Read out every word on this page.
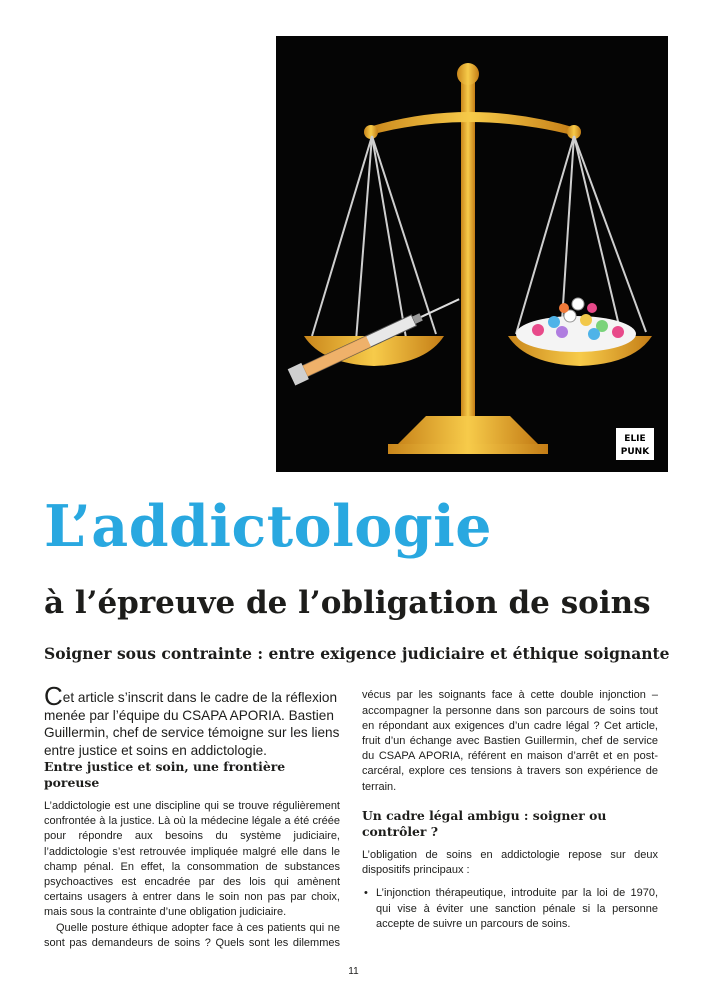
ELIE
PUNK
L’addictologie
à l’épreuve de l’obligation de soins
Soigner sous contrainte : entre exigence judiciaire et éthique soignante

Cet article s’inscrit dans le cadre de la réflexion menée par l’équipe du CSAPA APORIA. Bastien Guillermin, chef de service témoigne sur les liens entre justice et soins en addictologie.

Entre justice et soin, une frontière poreuse

L’addictologie est une discipline qui se trouve régulièrement confrontée à la justice. Là où la médecine légale a été créée pour répondre aux besoins du système judiciaire, l’addictologie s’est retrouvée impliquée malgré elle dans le champ pénal. En effet, la consommation de substances psychoactives est encadrée par des lois qui amènent certains usagers à entrer dans le soin non pas par choix, mais sous la contrainte d’une obligation judiciaire.

Quelle posture éthique adopter face à ces patients qui ne sont pas demandeurs de soins ? Quels sont les dilemmes

vécus par les soignants face à cette double injonction – accompagner la personne dans son parcours de soins tout en répondant aux exigences d’un cadre légal ? Cet article, fruit d’un échange avec Bastien Guillermin, chef de service du CSAPA APORIA, référent en maison d’arrêt et en post-carcéral, explore ces tensions à travers son expérience de terrain.

Un cadre légal ambigu : soigner ou contrôler ?

L’obligation de soins en addictologie repose sur deux dispositifs principaux :

• L’injonction thérapeutique, introduite par la loi de 1970, qui vise à éviter une sanction pénale si la personne accepte de suivre un parcours de soins.
11
